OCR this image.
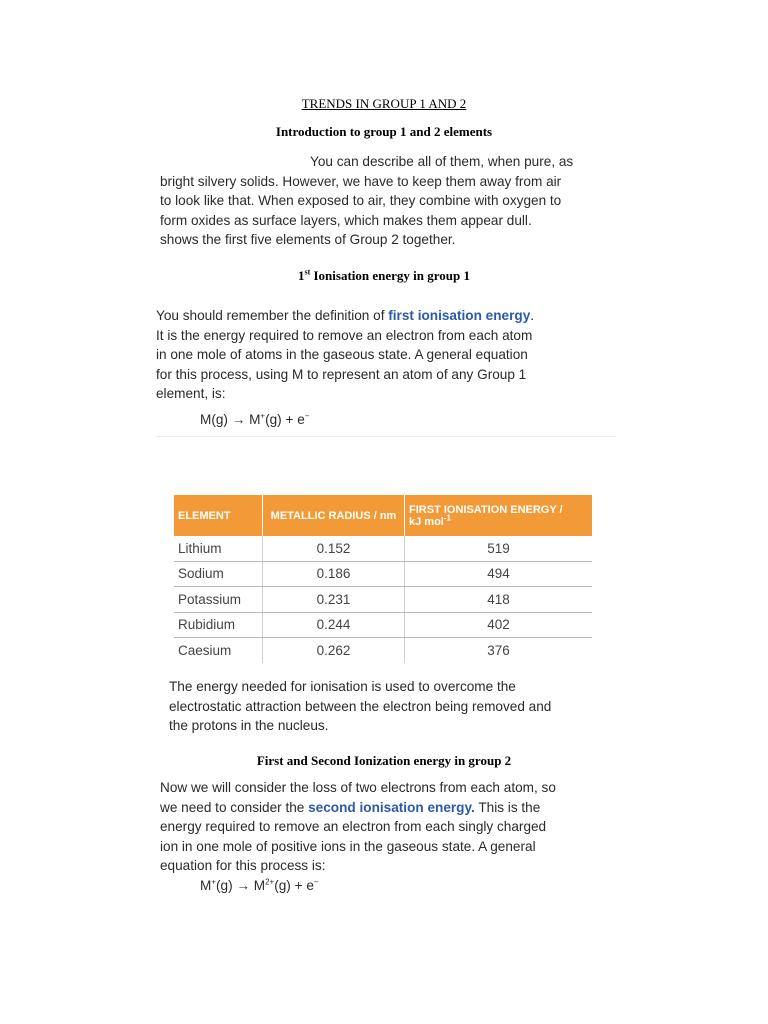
TRENDS IN GROUP 1 AND 2
Introduction to group 1 and 2 elements

You can describe all of them, when pure, as

bright silvery solids. However, we have to keep them away from air

to look like that. When exposed to air, they combine with oxygen to

form oxides as surface layers, which makes them appear dull.

shows the first five elements of Group 2 together.

1st Ionisation energy in group 1

You should remember the definition of first ionisation energy.

It is the energy required to remove an electron from each atom

in one mole of atoms in the gaseous state. A general equation

for this process, using M to represent an atom of any Group 1

element, is:

M(g) → M+(g) + e−

ELEMENT	METALLIC RADIUS / nm	FIRST IONISATION ENERGY /
kJ mol$^{-1}$
Lithium	0.152	519
Sodium	0.186	494
Potassium	0.231	418
Rubidium	0.244	402
Caesium	0.262	376

The energy needed for ionisation is used to overcome the

electrostatic attraction between the electron being removed and

the protons in the nucleus.

First and Second Ionization energy in group 2

Now we will consider the loss of two electrons from each atom, so

we need to consider the second ionisation energy. This is the

energy required to remove an electron from each singly charged

ion in one mole of positive ions in the gaseous state. A general

equation for this process is:

$M^+(g) \to M^{2+}(g) + e^-$
